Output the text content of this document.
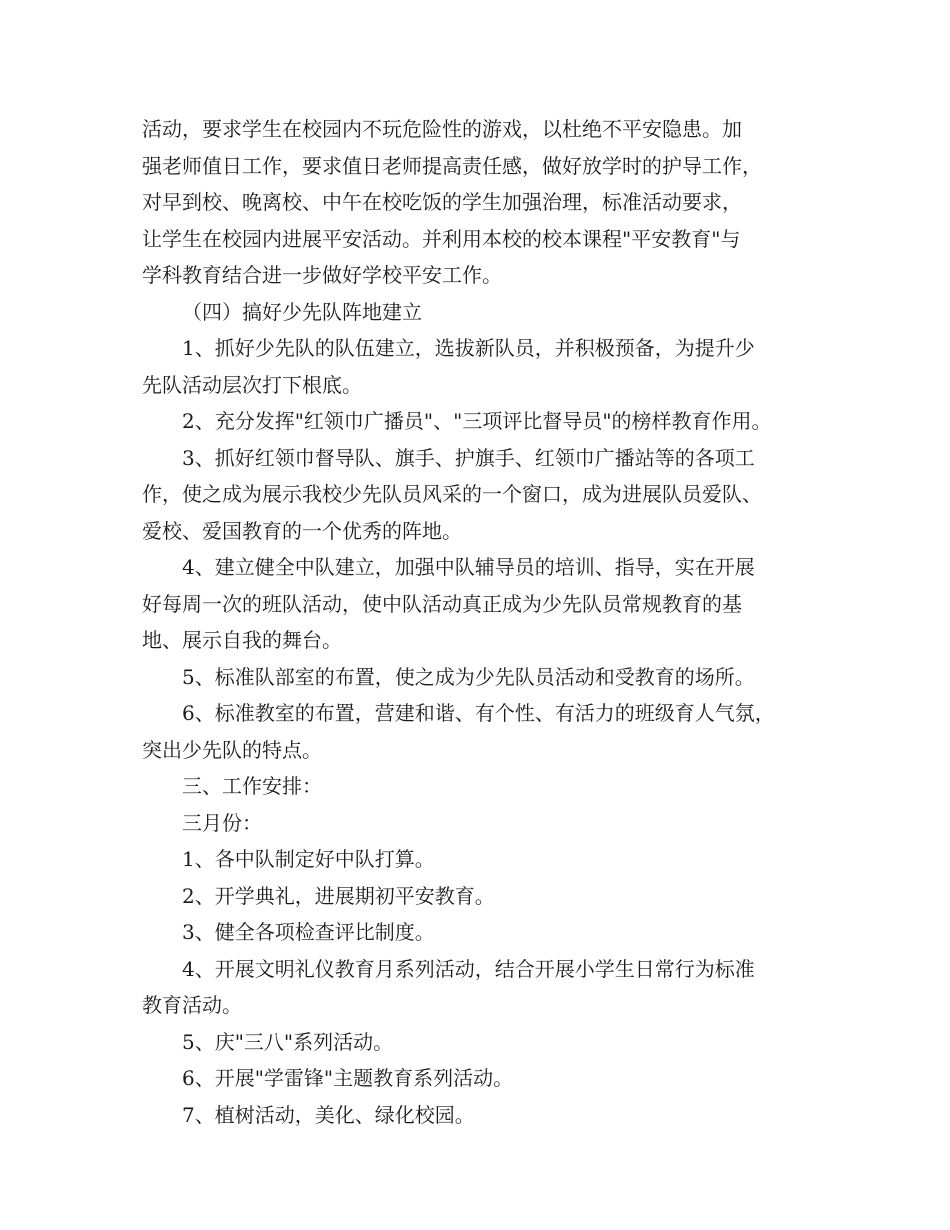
活动，要求学生在校园内不玩危险性的游戏，以杜绝不平安隐患。加
强老师值日工作，要求值日老师提高责任感，做好放学时的护导工作，
对早到校、晚离校、中午在校吃饭的学生加强治理，标准活动要求，
让学生在校园内进展平安活动。并利用本校的校本课程"平安教育"与
学科教育结合进一步做好学校平安工作。
（四）搞好少先队阵地建立
1、抓好少先队的队伍建立，选拔新队员，并积极预备，为提升少
先队活动层次打下根底。
2、充分发挥"红领巾广播员"、"三项评比督导员"的榜样教育作用。
3、抓好红领巾督导队、旗手、护旗手、红领巾广播站等的各项工
作，使之成为展示我校少先队员风采的一个窗口，成为进展队员爱队、
爱校、爱国教育的一个优秀的阵地。
4、建立健全中队建立，加强中队辅导员的培训、指导，实在开展
好每周一次的班队活动，使中队活动真正成为少先队员常规教育的基
地、展示自我的舞台。
5、标准队部室的布置，使之成为少先队员活动和受教育的场所。
6、标准教室的布置，营建和谐、有个性、有活力的班级育人气氛，
突出少先队的特点。
三、工作安排：
三月份：
1、各中队制定好中队打算。
2、开学典礼，进展期初平安教育。
3、健全各项检查评比制度。
4、开展文明礼仪教育月系列活动，结合开展小学生日常行为标准
教育活动。
5、庆"三八"系列活动。
6、开展"学雷锋"主题教育系列活动。
7、植树活动，美化、绿化校园。
